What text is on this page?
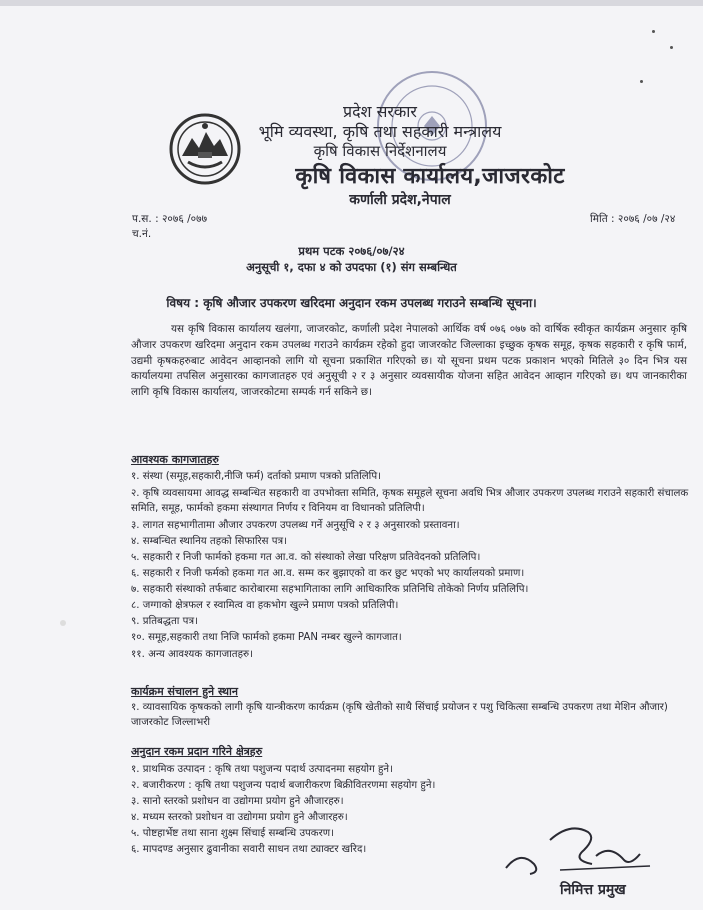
प्रदेश सरकार
भूमि व्यवस्था, कृषि तथा सहकारी मन्त्रालय
कृषि विकास निर्देशनालय
कृषि विकास कार्यालय,जाजरकोट
कर्णाली प्रदेश,नेपाल
प.स. : २०७६ /०७७
च.नं.
मिति : २०७६ /०७ /२४
प्रथम पटक २०७६/०७/२४
अनुसूची १, दफा ४ को उपदफा (१) संग सम्बन्धित
विषय : कृषि औजार उपकरण खरिदमा अनुदान रकम उपलब्ध गराउने सम्बन्धि सूचना।
यस कृषि विकास कार्यालय खलंगा, जाजरकोट, कर्णाली प्रदेश नेपालको आर्थिक वर्ष ०७६ ०७७ को वार्षिक स्वीकृत कार्यक्रम अनुसार कृषि औजार उपकरण खरिदमा अनुदान रकम उपलब्ध गराउने कार्यक्रम रहेको हुदा जाजरकोट जिल्लाका इच्छुक कृषक समूह, कृषक सहकारी र कृषि फार्म, उद्यमी कृषकहरुबाट आवेदन आव्हानको लागि यो सूचना प्रकाशित गरिएको छ। यो सूचना प्रथम पटक प्रकाशन भएको मितिले ३० दिन भित्र यस कार्यालयमा तपसिल अनुसारका कागजातहरु एवं अनुसूची २ र ३ अनुसार व्यवसायीक योजना सहित आवेदन आव्हान गरिएको छ। थप जानकारीका लागि कृषि विकास कार्यालय, जाजरकोटमा सम्पर्क गर्न सकिने छ।
आवश्यक कागजातहरु
१. संस्था (समूह,सहकारी,नीजि फर्म) दर्ताको प्रमाण पत्रको प्रतिलिपि।
२. कृषि व्यवसायमा आवद्ध सम्बन्धित सहकारी वा उपभोक्ता समिति, कृषक समूहले सूचना अवधि भित्र औजार उपकरण उपलब्ध गराउने सहकारी संचालक समिति, समूह, फार्मको हकमा संस्थागत निर्णय र विनियम वा विधानको प्रतिलिपी।
३. लागत सहभागीतामा औजार उपकरण उपलब्ध गर्ने अनुसूचि २ र ३ अनुसारको प्रस्तावना।
४. सम्बन्धित स्थानिय तहको सिफारिस पत्र।
५. सहकारी र निजी फार्मको हकमा गत आ.व. को संस्थाको लेखा परिक्षण प्रतिवेदनको प्रतिलिपि।
६. सहकारी र निजी फर्मको हकमा गत आ.व. सम्म कर बुझाएको वा कर छुट भएको भए कार्यालयको प्रमाण।
७. सहकारी संस्थाको तर्फबाट कारोबारमा सहभागिताका लागि आधिकारिक प्रतिनिधि तोकेको निर्णय प्रतिलिपि।
८. जग्गाको क्षेत्रफल र स्वामित्व वा हकभोग खुल्ने प्रमाण पत्रको प्रतिलिपी।
९. प्रतिबद्धता पत्र।
१०. समूह,सहकारी तथा निजि फार्मको हकमा PAN नम्बर खुल्ने कागजात।
११. अन्य आवश्यक कागजातहरु।
कार्यक्रम संचालन हुने स्थान
१. व्यावसायिक कृषकको लागी कृषि यान्त्रीकरण कार्यक्रम (कृषि खेतीको साथै सिंचाई प्रयोजन र पशु चिकित्सा सम्बन्धि उपकरण तथा मेशिन औजार) जाजरकोट जिल्लाभरी
अनुदान रकम प्रदान गरिने क्षेत्रहरु
१. प्राथमिक उत्पादन : कृषि तथा पशुजन्य पदार्थ उत्पादनमा सहयोग हुने।
२. बजारीकरण : कृषि तथा पशुजन्य पदार्थ बजारीकरण बिक्रीवितरणमा सहयोग हुने।
३. सानो स्तरको प्रशोधन वा उद्योगमा प्रयोग हुने औजारहरु।
४. मध्यम स्तरको प्रशोधन वा उद्योगमा प्रयोग हुने औजारहरु।
५. पोष्टहार्भेष्ट तथा साना शुक्ष्म सिंचाई सम्बन्धि उपकरण।
६. मापदण्ड अनुसार ढुवानीका सवारी साधन तथा ट्याक्टर खरिद।
निमित्त प्रमुख
